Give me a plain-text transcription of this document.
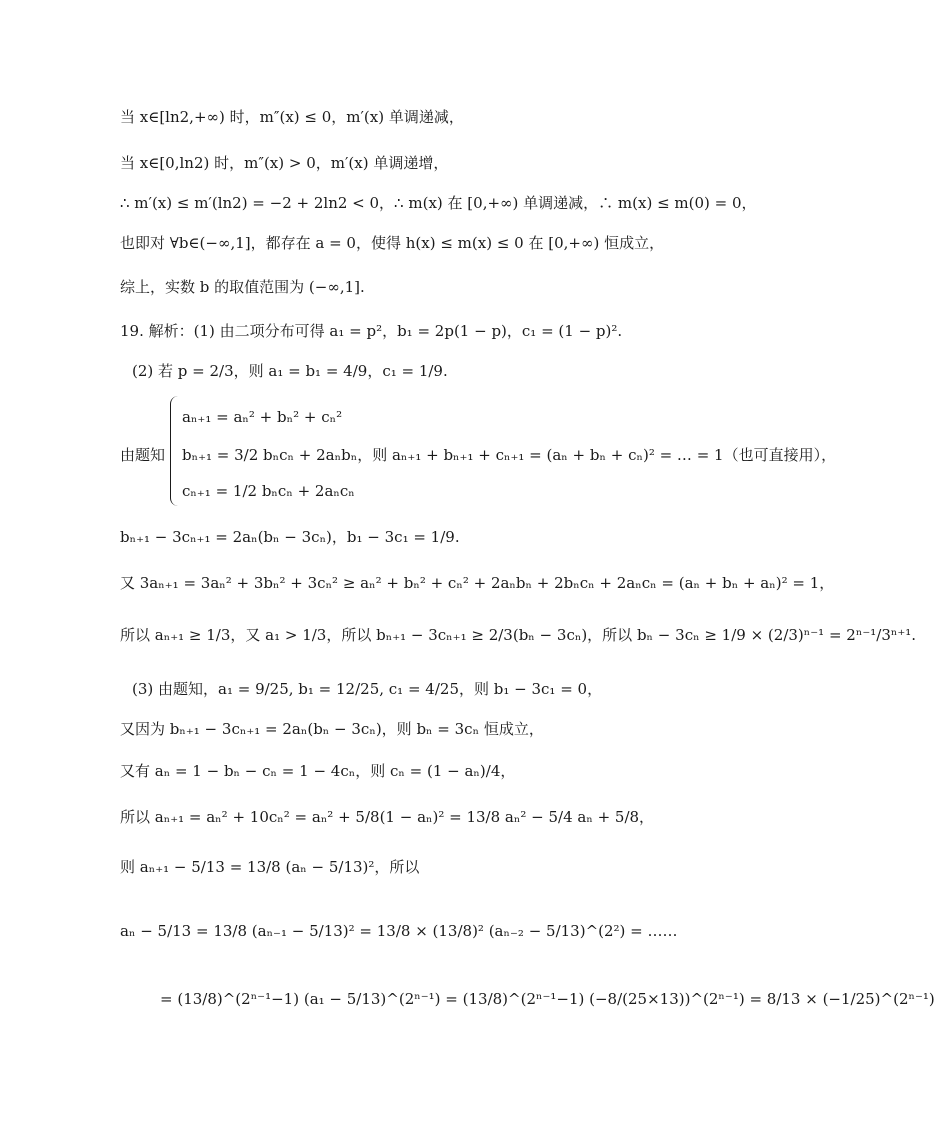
当 x∈[ln2,+∞) 时，m″(x) ≤ 0，m′(x) 单调递减，
当 x∈[0,ln2) 时，m″(x) > 0，m′(x) 单调递增，
∴ m′(x) ≤ m′(ln2) = −2 + 2ln2 < 0，∴ m(x) 在 [0,+∞) 单调递减，∴ m(x) ≤ m(0) = 0，
也即对 ∀b∈(−∞,1]，都存在 a = 0，使得 h(x) ≤ m(x) ≤ 0 在 [0,+∞) 恒成立，
综上，实数 b 的取值范围为 (−∞,1].
19. 解析：(1) 由二项分布可得 a₁ = p²，b₁ = 2p(1 − p)，c₁ = (1 − p)².
(2) 若 p = 2/3，则 a₁ = b₁ = 4/9，c₁ = 1/9.
由题知
aₙ₊₁ = aₙ² + bₙ² + cₙ²
bₙ₊₁ = 3/2 bₙcₙ + 2aₙbₙ，则 aₙ₊₁ + bₙ₊₁ + cₙ₊₁ = (aₙ + bₙ + cₙ)² = … = 1（也可直接用），
cₙ₊₁ = 1/2 bₙcₙ + 2aₙcₙ
bₙ₊₁ − 3cₙ₊₁ = 2aₙ(bₙ − 3cₙ)，b₁ − 3c₁ = 1/9.
又 3aₙ₊₁ = 3aₙ² + 3bₙ² + 3cₙ² ≥ aₙ² + bₙ² + cₙ² + 2aₙbₙ + 2bₙcₙ + 2aₙcₙ = (aₙ + bₙ + aₙ)² = 1，
所以 aₙ₊₁ ≥ 1/3，又 a₁ > 1/3，所以 bₙ₊₁ − 3cₙ₊₁ ≥ 2/3(bₙ − 3cₙ)，所以 bₙ − 3cₙ ≥ 1/9 × (2/3)ⁿ⁻¹ = 2ⁿ⁻¹/3ⁿ⁺¹.
(3) 由题知，a₁ = 9/25, b₁ = 12/25, c₁ = 4/25，则 b₁ − 3c₁ = 0，
又因为 bₙ₊₁ − 3cₙ₊₁ = 2aₙ(bₙ − 3cₙ)，则 bₙ = 3cₙ 恒成立，
又有 aₙ = 1 − bₙ − cₙ = 1 − 4cₙ，则 cₙ = (1 − aₙ)/4，
所以 aₙ₊₁ = aₙ² + 10cₙ² = aₙ² + 5/8(1 − aₙ)² = 13/8 aₙ² − 5/4 aₙ + 5/8，
则 aₙ₊₁ − 5/13 = 13/8 (aₙ − 5/13)²，所以
aₙ − 5/13 = 13/8 (aₙ₋₁ − 5/13)² = 13/8 × (13/8)² (aₙ₋₂ − 5/13)^(2²) = ……
= (13/8)^(2ⁿ⁻¹−1) (a₁ − 5/13)^(2ⁿ⁻¹) = (13/8)^(2ⁿ⁻¹−1) (−8/(25×13))^(2ⁿ⁻¹) = 8/13 × (−1/25)^(2ⁿ⁻¹)
